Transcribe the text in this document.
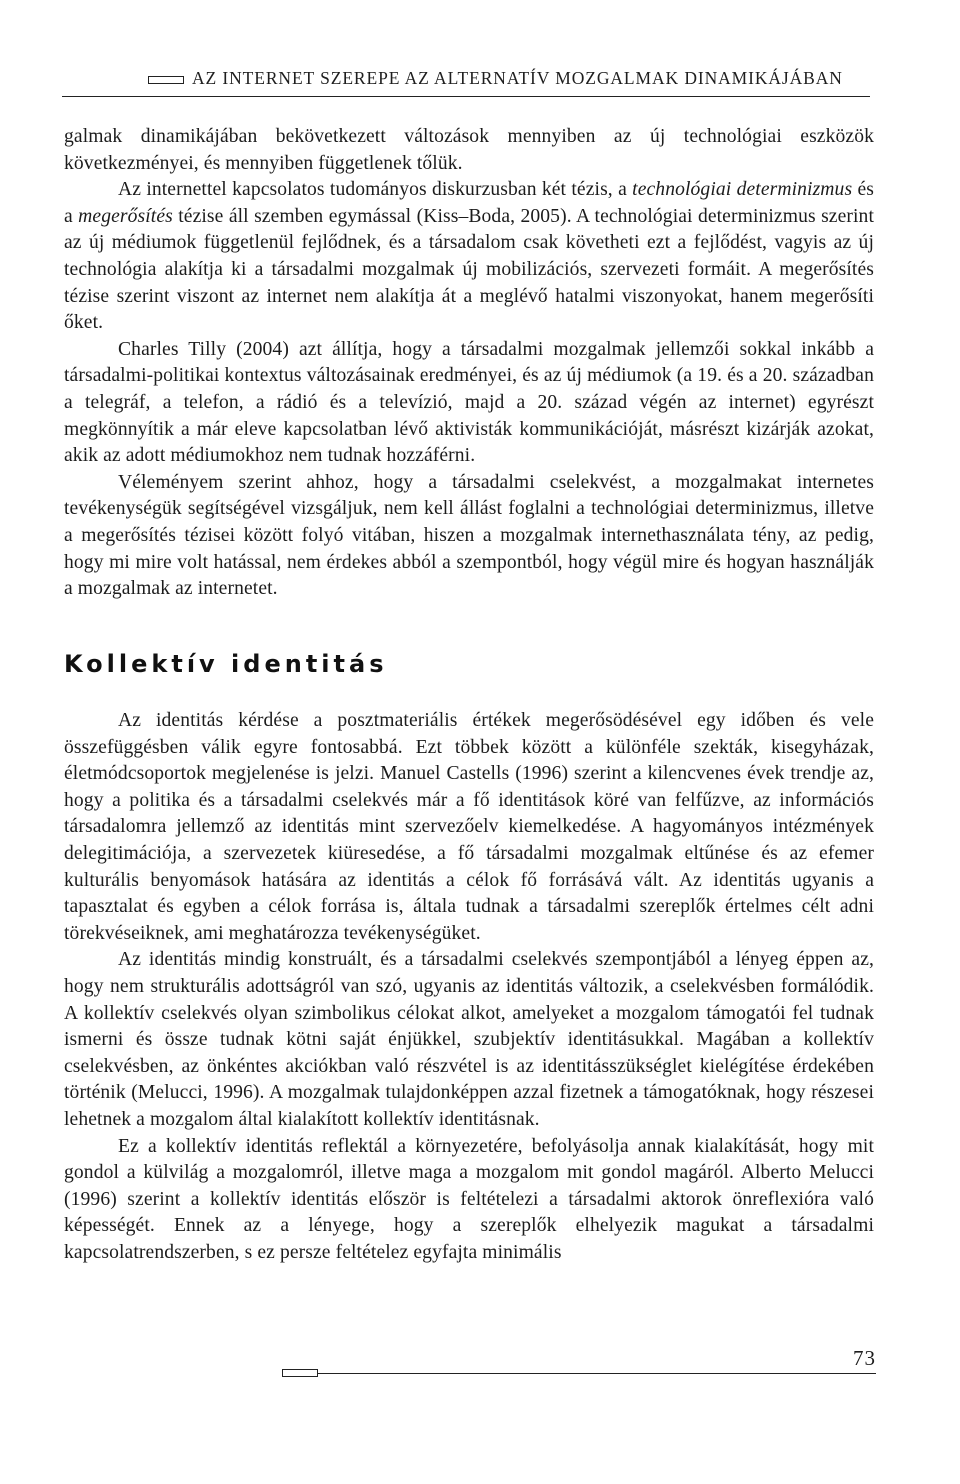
AZ INTERNET SZEREPE AZ ALTERNATÍV MOZGALMAK DINAMIKÁJÁBAN

galmak dinamikájában bekövetkezett változások mennyiben az új technológiai eszközök következményei, és mennyiben függetlenek tőlük.

Az internettel kapcsolatos tudományos diskurzusban két tézis, a technológiai determinizmus és a megerősítés tézise áll szemben egymással (Kiss–Boda, 2005). A technológiai determinizmus szerint az új médiumok függetlenül fejlődnek, és a társadalom csak követheti ezt a fejlődést, vagyis az új technológia alakítja ki a társadalmi mozgalmak új mobilizációs, szervezeti formáit. A megerősítés tézise szerint viszont az internet nem alakítja át a meglévő hatalmi viszonyokat, hanem megerősíti őket.

Charles Tilly (2004) azt állítja, hogy a társadalmi mozgalmak jellemzői sokkal inkább a társadalmi-politikai kontextus változásainak eredményei, és az új médiumok (a 19. és a 20. században a telegráf, a telefon, a rádió és a televízió, majd a 20. század végén az internet) egyrészt megkönnyítik a már eleve kapcsolatban lévő aktivisták kommunikációját, másrészt kizárják azokat, akik az adott médiumokhoz nem tudnak hozzáférni.

Véleményem szerint ahhoz, hogy a társadalmi cselekvést, a mozgalmakat internetes tevékenységük segítségével vizsgáljuk, nem kell állást foglalni a technológiai determinizmus, illetve a megerősítés tézisei között folyó vitában, hiszen a mozgalmak internethasználata tény, az pedig, hogy mi mire volt hatással, nem érdekes abból a szempontból, hogy végül mire és hogyan használják a mozgalmak az internetet.

Kollektív identitás

Az identitás kérdése a posztmateriális értékek megerősödésével egy időben és vele összefüggésben válik egyre fontosabbá. Ezt többek között a különféle szekták, kisegyházak, életmódcsoportok megjelenése is jelzi. Manuel Castells (1996) szerint a kilencvenes évek trendje az, hogy a politika és a társadalmi cselekvés már a fő identitások köré van felfűzve, az információs társadalomra jellemző az identitás mint szervezőelv kiemelkedése. A hagyományos intézmények delegitimációja, a szervezetek kiüresedése, a fő társadalmi mozgalmak eltűnése és az efemer kulturális benyomások hatására az identitás a célok fő forrásává vált. Az identitás ugyanis a tapasztalat és egyben a célok forrása is, általa tudnak a társadalmi szereplők értelmes célt adni törekvéseiknek, ami meghatározza tevékenységüket.

Az identitás mindig konstruált, és a társadalmi cselekvés szempontjából a lényeg éppen az, hogy nem strukturális adottságról van szó, ugyanis az identitás változik, a cselekvésben formálódik. A kollektív cselekvés olyan szimbolikus célokat alkot, amelyeket a mozgalom támogatói fel tudnak ismerni és össze tudnak kötni saját énjükkel, szubjektív identitásukkal. Magában a kollektív cselekvésben, az önkéntes akciókban való részvétel is az identitásszükséglet kielégítése érdekében történik (Melucci, 1996). A mozgalmak tulajdonképpen azzal fizetnek a támogatóknak, hogy részesei lehetnek a mozgalom által kialakított kollektív identitásnak.

Ez a kollektív identitás reflektál a környezetére, befolyásolja annak kialakítását, hogy mit gondol a külvilág a mozgalomról, illetve maga a mozgalom mit gondol magáról. Alberto Melucci (1996) szerint a kollektív identitás először is feltételezi a társadalmi aktorok önreflexióra való képességét. Ennek az a lényege, hogy a szereplők elhelyezik magukat a társadalmi kapcsolatrendszerben, s ez persze feltételez egyfajta minimális

73
